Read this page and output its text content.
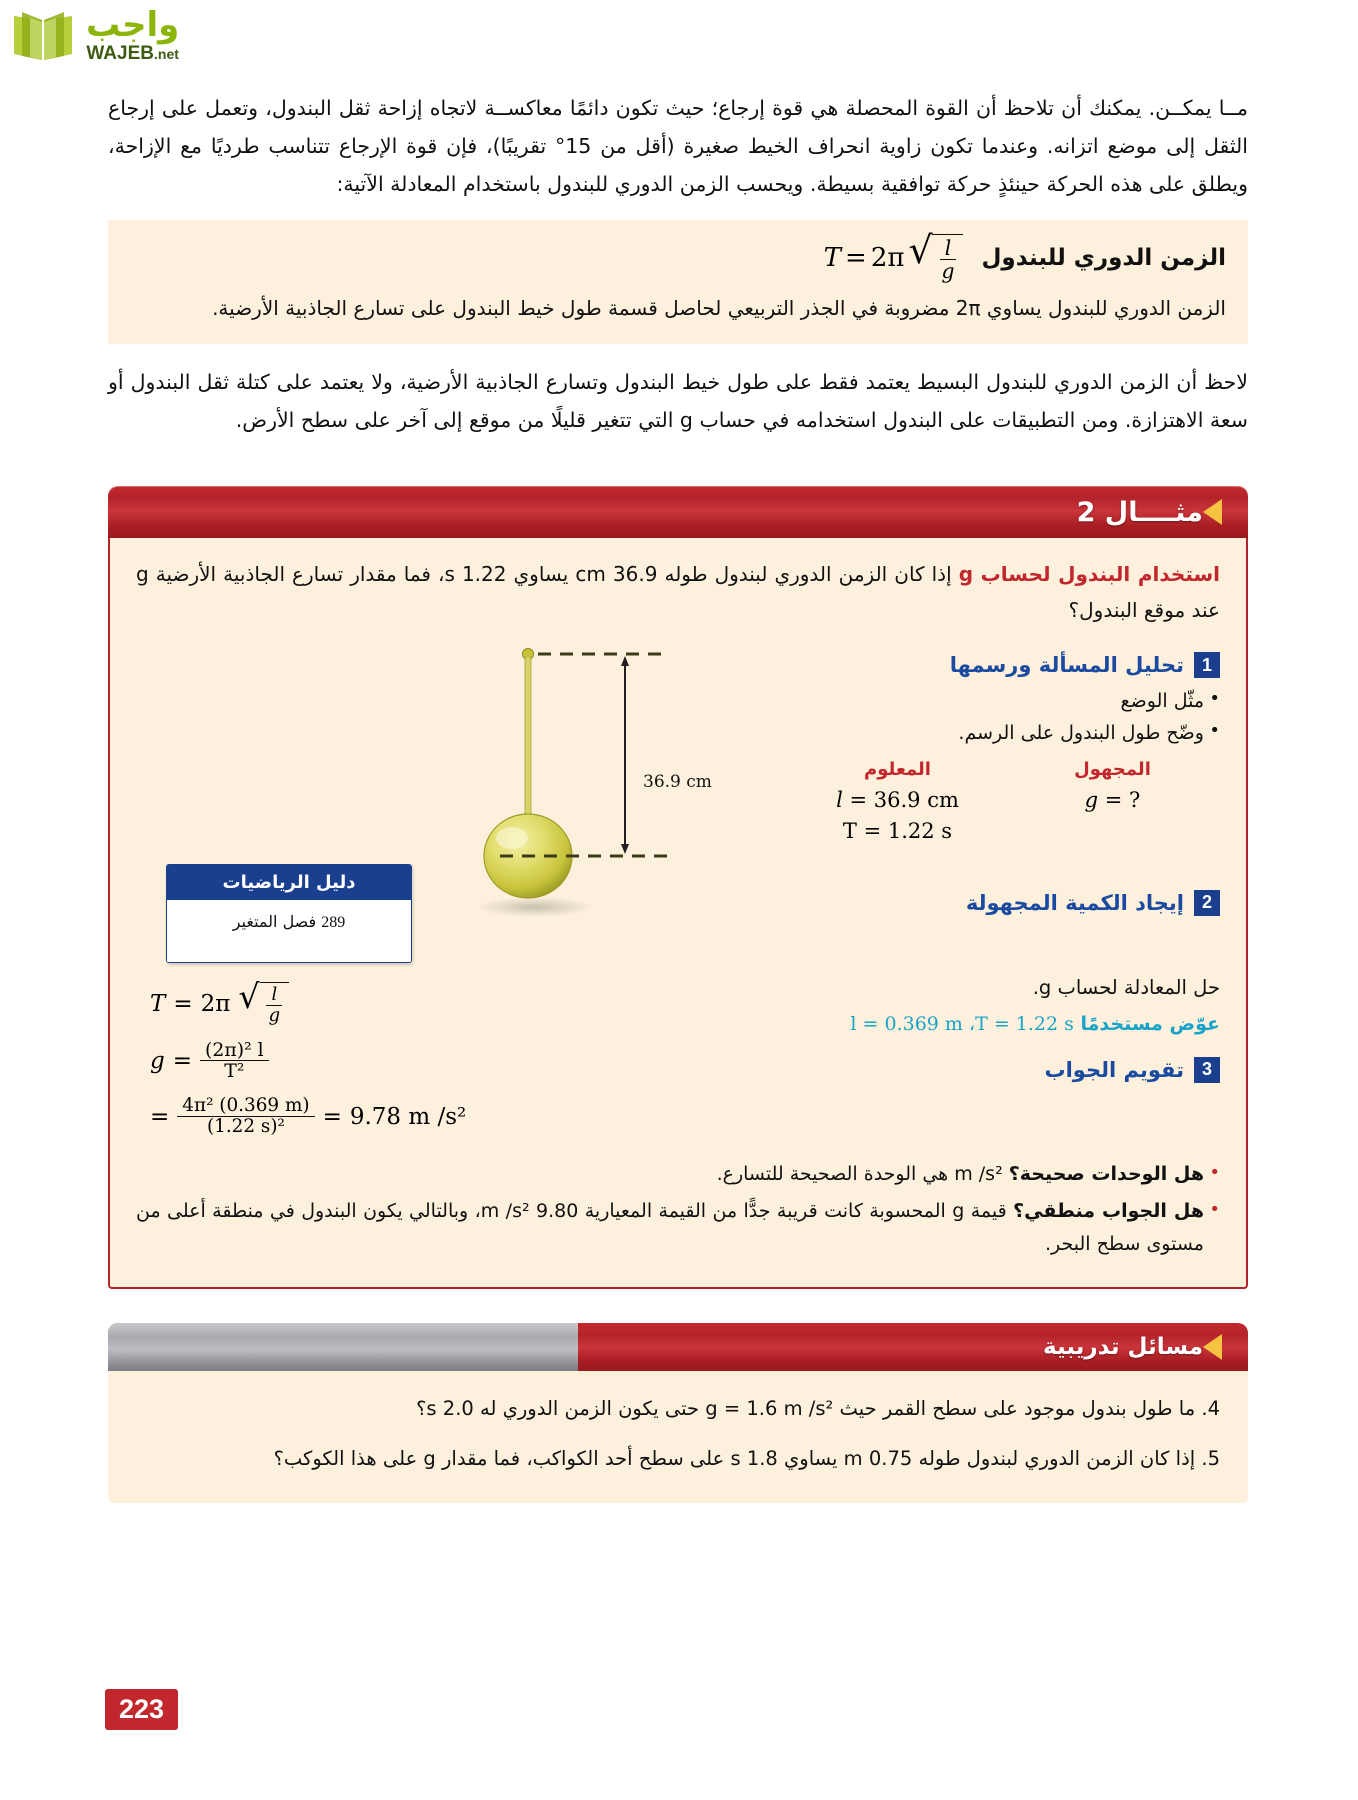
واجب
WAJEB.net

مــا يمكــن. يمكنك أن تلاحظ أن القوة المحصلة هي قوة إرجاع؛ حيث تكون دائمًا معاكســة لاتجاه إزاحة ثقل البندول، وتعمل على إرجاع الثقل إلى موضع اتزانه. وعندما تكون زاوية انحراف الخيط صغيرة (أقل من 15° تقريبًا)، فإن قوة الإرجاع تتناسب طرديًا مع الإزاحة، ويطلق على هذه الحركة حينئذٍ حركة توافقية بسيطة. ويحسب الزمن الدوري للبندول باستخدام المعادلة الآتية:

الزمن الدوري للبندول
T = 2π √ $\frac{l}{g}$
الزمن الدوري للبندول يساوي 2π مضروبة في الجذر التربيعي لحاصل قسمة طول خيط البندول على تسارع الجاذبية الأرضية.

لاحظ أن الزمن الدوري للبندول البسيط يعتمد فقط على طول خيط البندول وتسارع الجاذبية الأرضية، ولا يعتمد على كتلة ثقل البندول أو سعة الاهتزازة. ومن التطبيقات على البندول استخدامه في حساب g التي تتغير قليلًا من موقع إلى آخر على سطح الأرض.

مثــــال 2

استخدام البندول لحساب g إذا كان الزمن الدوري لبندول طوله 36.9 cm يساوي 1.22 s، فما مقدار تسارع الجاذبية الأرضية g عند موقع البندول؟

1
تحليل المسألة ورسمها
• مثّل الوضع
• وضّح طول البندول على الرسم.
المجهول
g = ?
المعلوم
l = 36.9 cm
T = 1.22 s
2
إيجاد الكمية المجهولة
حل المعادلة لحساب g.
عوّض مستخدمًا l = 0.369 m ،T = 1.22 s
3
تقويم الجواب
36.9 cm
دليل الرياضيات
289 فصل المتغير
T = 2π √ $\frac{l}{g}$
$g = \frac{\text{(2π)² l}}{\text{T²}}$
= $\frac{\text{4π² (0.369 m)}}{\text{(1.22 s)²}} = 9.78$ m /s²
• هل الوحدات صحيحة؟ m /s² هي الوحدة الصحيحة للتسارع.
• هل الجواب منطقي؟ قيمة g المحسوبة كانت قريبة جدًّا من القيمة المعيارية 9.80 m /s²، وبالتالي يكون البندول في منطقة أعلى من مستوى سطح البحر.
مسائل تدريبية

4. ما طول بندول موجود على سطح القمر حيث g = 1.6 m /s² حتى يكون الزمن الدوري له 2.0 s؟

5. إذا كان الزمن الدوري لبندول طوله 0.75 m يساوي 1.8 s على سطح أحد الكواكب، فما مقدار g على هذا الكوكب؟

223
